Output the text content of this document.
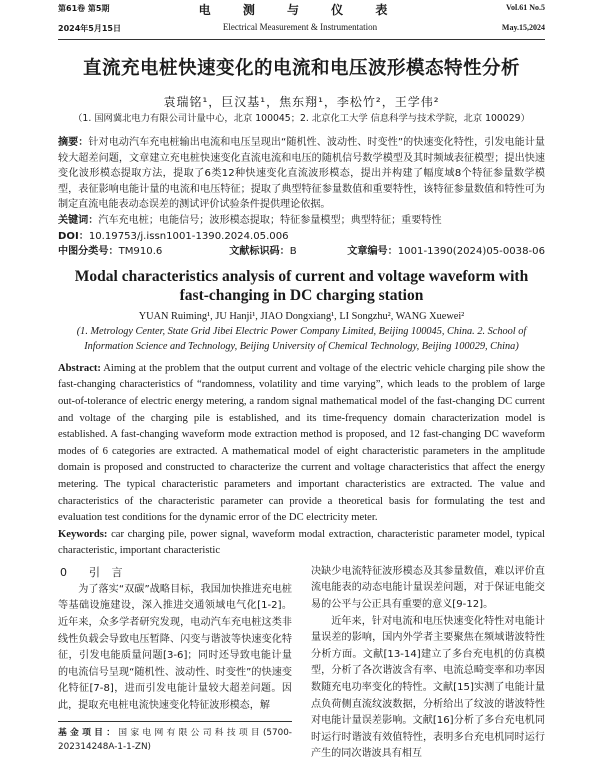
第61卷 第5期
2024年5月15日
电 测 与 仪 表
Electrical Measurement & Instrumentation
Vol.61 No.5
May.15,2024
直流充电桩快速变化的电流和电压波形模态特性分析
袁瑞铭¹，巨汉基¹，焦东翔¹，李松竹²，王学伟²
（1. 国网冀北电力有限公司计量中心，北京 100045；2. 北京化工大学 信息科学与技术学院，北京 100029）
摘要：针对电动汽车充电桩输出电流和电压呈现出“随机性、波动性、时变性”的快速变化特性，引发电能计量较大超差问题，文章建立充电桩快速变化直流电流和电压的随机信号数学模型及其时频域表征模型；提出快速变化波形模态提取方法，提取了6类12种快速变化直流波形模态，提出并构建了幅度域8个特征参量数学模型，表征影响电能计量的电流和电压特征；提取了典型特征参量数值和重要特性，该特征参量数值和特性可为制定直流电能表动态误差的测试评价试验条件提供理论依据。
关键词：汽车充电桩；电能信号；波形模态提取；特征参量模型；典型特征；重要特性
DOI：10.19753/j.issn1001-1390.2024.05.006
中图分类号：TM910.6	文献标识码：B	文章编号：1001-1390(2024)05-0038-06
Modal characteristics analysis of current and voltage waveform with fast-changing in DC charging station
YUAN Ruiming¹, JU Hanji¹, JIAO Dongxiang¹, LI Songzhu², WANG Xuewei²
(1. Metrology Center, State Grid Jibei Electric Power Company Limited, Beijing 100045, China. 2. School of Information Science and Technology, Beijing University of Chemical Technology, Beijing 100029, China)
Abstract: Aiming at the problem that the output current and voltage of the electric vehicle charging pile show the fast-changing characteristics of “randomness, volatility and time varying”, which leads to the problem of large out-of-tolerance of electric energy metering, a random signal mathematical model of the fast-changing DC current and voltage of the charging pile is established, and its time-frequency domain characterization model is established. A fast-changing waveform mode extraction method is proposed, and 12 fast-changing DC waveform modes of 6 categories are extracted. A mathematical model of eight characteristic parameters in the amplitude domain is proposed and constructed to characterize the current and voltage characteristics that affect the energy metering. The typical characteristic parameters and important characteristics are extracted. The value and characteristics of the characteristic parameter can provide a theoretical basis for formulating the test and evaluation test conditions for the dynamic error of the DC electricity meter.
Keywords: car charging pile, power signal, waveform modal extraction, characteristic parameter model, typical characteristic, important characteristic
0 引 言
为了落实“双碳”战略目标，我国加快推进充电桩等基础设施建设，深入推进交通领域电气化[1-2]。近年来，众多学者研究发现，电动汽车充电桩这类非线性负载会导致电压暂降、闪变与谐波等快速变化特征，引发电能质量问题[3-6]；同时还导致电能计量的电流信号呈现“随机性、波动性、时变性”的快速变化特征[7-8]，进而引发电能计量较大超差问题。因此，提取充电桩电流快速变化特征波形模态，解
基金项目：国家电网有限公司科技项目(5700-202314248A-1-1-ZN)
决缺少电流特征波形模态及其参量数值，难以评价直流电能表的动态电能计量误差问题，对于保证电能交易的公平与公正具有重要的意义[9-12]。
近年来，针对电流和电压快速变化特性对电能计量误差的影响，国内外学者主要聚焦在频域谐波特性分析方面。文献[13-14]建立了多台充电机的仿真模型，分析了各次谐波含有率、电流总畸变率和功率因数随充电功率变化的特性。文献[15]实测了电能计量点负荷侧直流纹波数据，分析给出了纹波的谐波特性对电能计量误差影响。文献[16]分析了多台充电机同时运行时谐波有效值特性，表明多台充电机同时运行产生的同次谐波具有相互
